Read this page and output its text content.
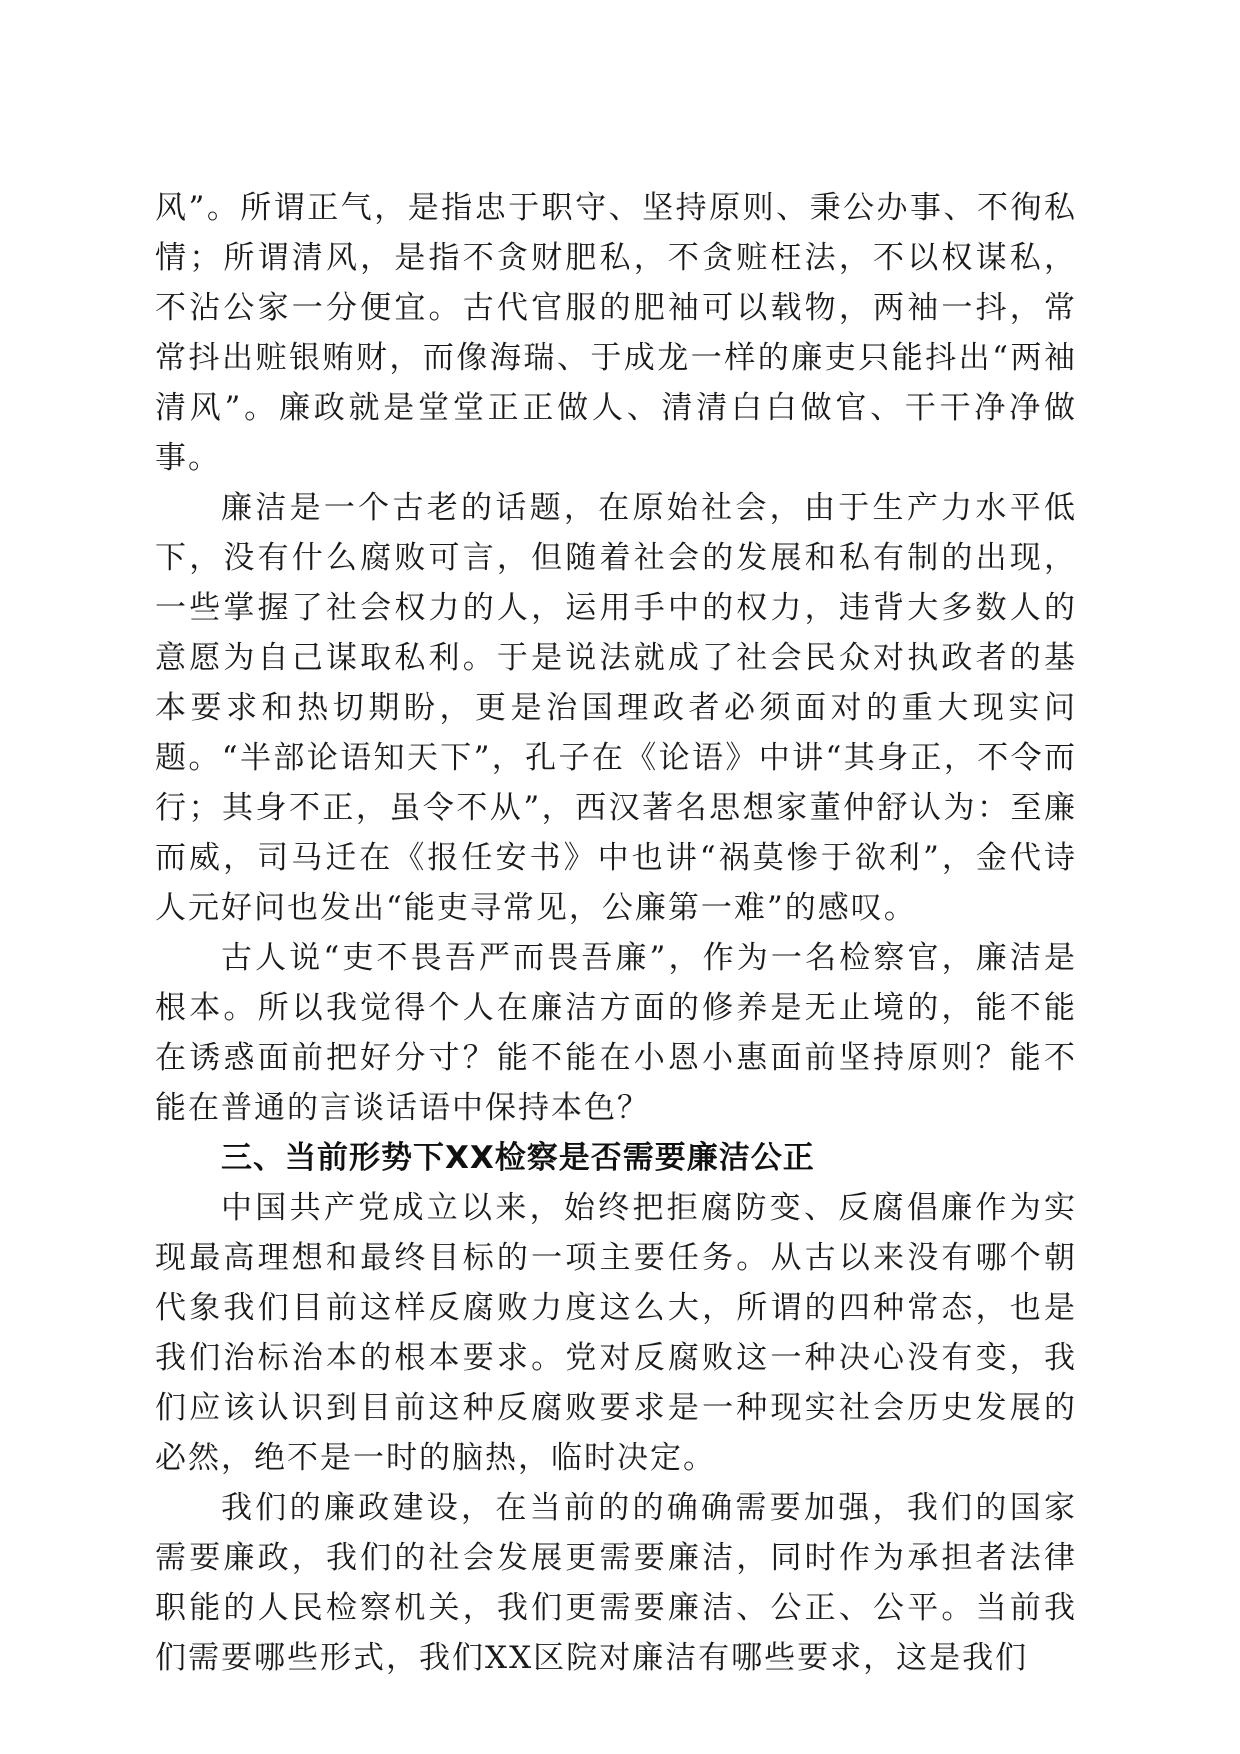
风”。所谓正气，是指忠于职守、坚持原则、秉公办事、不徇私情；所谓清风，是指不贪财肥私，不贪赃枉法，不以权谋私，不沾公家一分便宜。古代官服的肥袖可以载物，两袖一抖，常常抖出赃银贿财，而像海瑞、于成龙一样的廉吏只能抖出“两袖清风”。廉政就是堂堂正正做人、清清白白做官、干干净净做事。

廉洁是一个古老的话题，在原始社会，由于生产力水平低下，没有什么腐败可言，但随着社会的发展和私有制的出现，一些掌握了社会权力的人，运用手中的权力，违背大多数人的意愿为自己谋取私利。于是说法就成了社会民众对执政者的基本要求和热切期盼，更是治国理政者必须面对的重大现实问题。“半部论语知天下”，孔子在《论语》中讲“其身正，不令而行；其身不正，虽令不从”，西汉著名思想家董仲舒认为：至廉而威，司马迁在《报任安书》中也讲“祸莫惨于欲利”，金代诗人元好问也发出“能吏寻常见，公廉第一难”的感叹。

古人说“吏不畏吾严而畏吾廉”，作为一名检察官，廉洁是根本。所以我觉得个人在廉洁方面的修养是无止境的，能不能在诱惑面前把好分寸？能不能在小恩小惠面前坚持原则？能不能在普通的言谈话语中保持本色？

三、当前形势下XX检察是否需要廉洁公正

中国共产党成立以来，始终把拒腐防变、反腐倡廉作为实现最高理想和最终目标的一项主要任务。从古以来没有哪个朝代象我们目前这样反腐败力度这么大，所谓的四种常态，也是我们治标治本的根本要求。党对反腐败这一种决心没有变，我们应该认识到目前这种反腐败要求是一种现实社会历史发展的必然，绝不是一时的脑热，临时决定。

我们的廉政建设，在当前的的确确需要加强，我们的国家需要廉政，我们的社会发展更需要廉洁，同时作为承担者法律职能的人民检察机关，我们更需要廉洁、公正、公平。当前我们需要哪些形式，我们XX区院对廉洁有哪些要求，这是我们
